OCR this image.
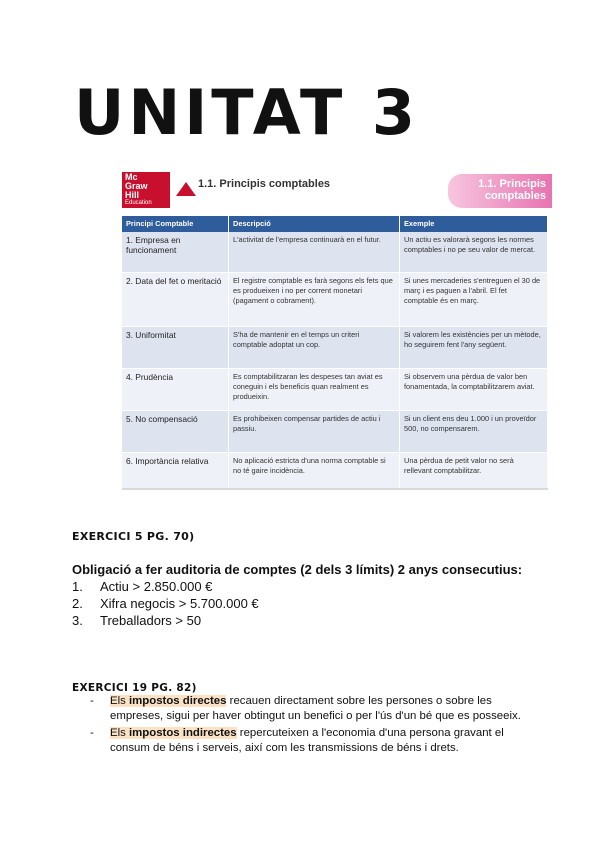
UNITAT 3
Mc
Graw
Hill
Education
1.1. Principis comptables	1.1. Principis comptables
Principi Comptable	Descripció	Exemple
1. Empresa en funcionament	L'activitat de l'empresa continuarà en el futur.	Un actiu es valorarà segons les normes comptables i no pe seu valor de mercat.
2. Data del fet o meritació	El registre comptable es farà segons els fets que es produeixen i no per corrent monetari (pagament o cobrament).	Si unes mercaderies s'entreguen el 30 de març i es paguen a l'abril. El fet comptable és en març.
3. Uniformitat	S'ha de mantenir en el temps un criteri comptable adoptat un cop.	Si valorem les existències per un mètode, ho seguirem fent l'any següent.
4. Prudència	Es comptabilitzaran les despeses tan aviat es coneguin i els beneficis quan realment es produeixin.	Si observem una pèrdua de valor ben fonamentada, la comptabilitzarem aviat.
5. No compensació	Es prohibeixen compensar partides de actiu i passiu.	Si un client ens deu 1.000 i un proveïdor 500, no compensarem.
6. Importància relativa	No aplicació estricta d'una norma comptable si no té gaire incidència.	Una pèrdua de petit valor no serà rellevant comptabilitzar.
EXERCICI 5 PG. 70)
Obligació a fer auditoria de comptes (2 dels 3 límits) 2 anys consecutius:
1. Actiu > 2.850.000 €
2. Xifra negocis > 5.700.000 €
3. Treballadors > 50
EXERCICI 19 PG. 82)
- Els impostos directes recauen directament sobre les persones o sobre les empreses, sigui per haver obtingut un benefici o per l'ús d'un bé que es posseeix.
- Els impostos indirectes repercuteixen a l'economia d'una persona gravant el consum de béns i serveis, així com les transmissions de béns i drets.
